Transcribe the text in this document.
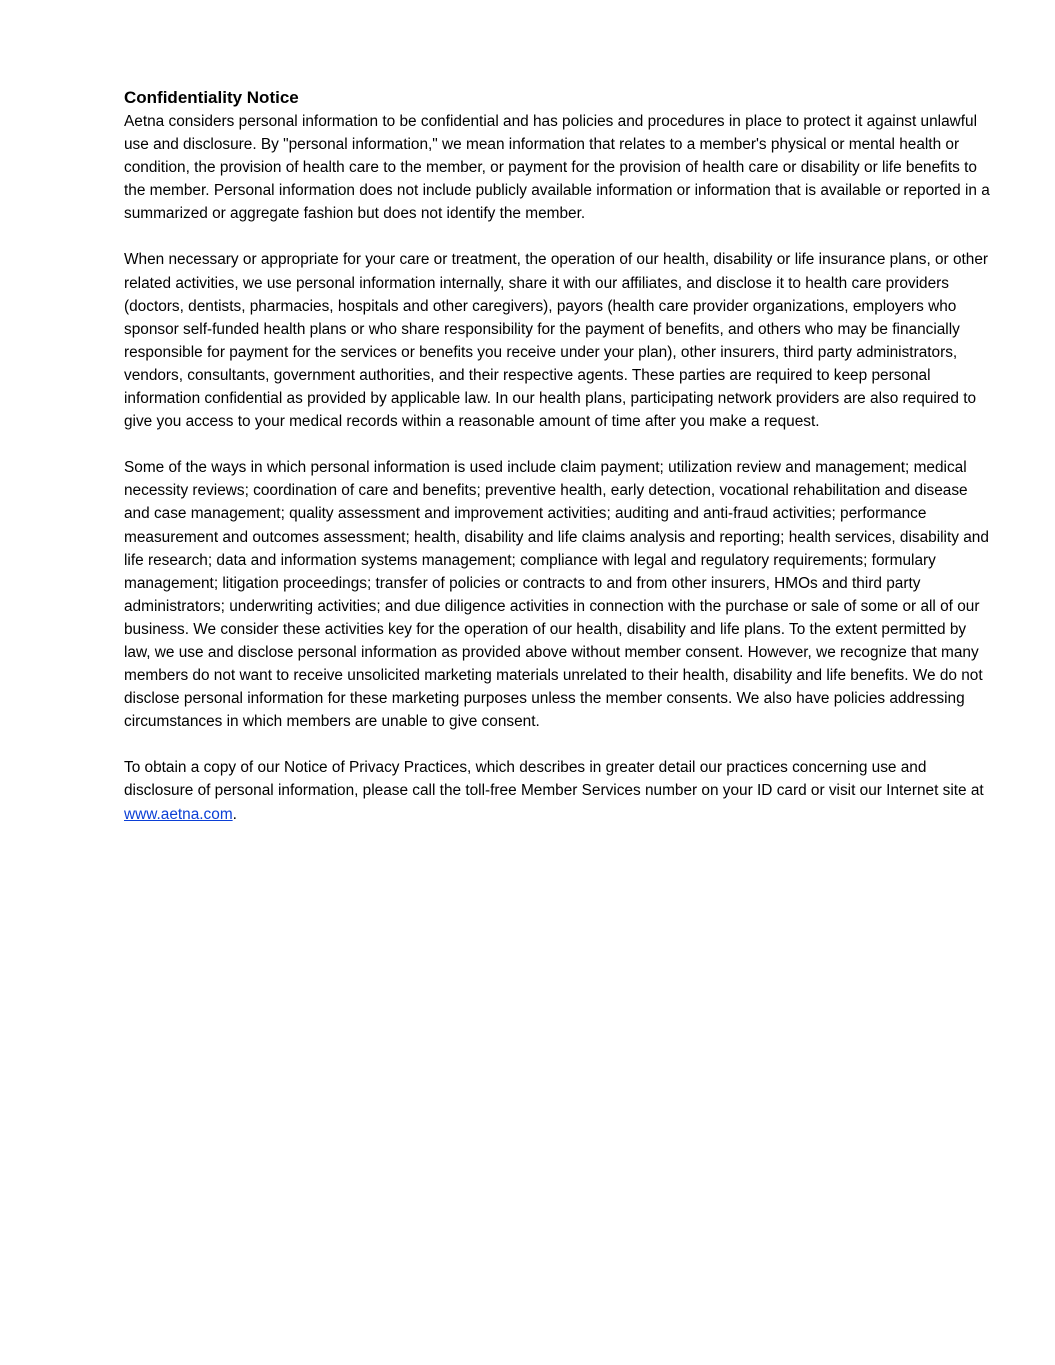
Confidentiality Notice

Aetna considers personal information to be confidential and has policies and procedures in place to protect it against unlawful use and disclosure. By "personal information," we mean information that relates to a member's physical or mental health or condition, the provision of health care to the member, or payment for the provision of health care or disability or life benefits to the member. Personal information does not include publicly available information or information that is available or reported in a summarized or aggregate fashion but does not identify the member.

When necessary or appropriate for your care or treatment, the operation of our health, disability or life insurance plans, or other related activities, we use personal information internally, share it with our affiliates, and disclose it to health care providers (doctors, dentists, pharmacies, hospitals and other caregivers), payors (health care provider organizations, employers who sponsor self-funded health plans or who share responsibility for the payment of benefits, and others who may be financially responsible for payment for the services or benefits you receive under your plan), other insurers, third party administrators, vendors, consultants, government authorities, and their respective agents. These parties are required to keep personal information confidential as provided by applicable law. In our health plans, participating network providers are also required to give you access to your medical records within a reasonable amount of time after you make a request.

Some of the ways in which personal information is used include claim payment; utilization review and management; medical necessity reviews; coordination of care and benefits; preventive health, early detection, vocational rehabilitation and disease and case management; quality assessment and improvement activities; auditing and anti-fraud activities; performance measurement and outcomes assessment; health, disability and life claims analysis and reporting; health services, disability and life research; data and information systems management; compliance with legal and regulatory requirements; formulary management; litigation proceedings; transfer of policies or contracts to and from other insurers, HMOs and third party administrators; underwriting activities; and due diligence activities in connection with the purchase or sale of some or all of our business. We consider these activities key for the operation of our health, disability and life plans. To the extent permitted by law, we use and disclose personal information as provided above without member consent. However, we recognize that many members do not want to receive unsolicited marketing materials unrelated to their health, disability and life benefits. We do not disclose personal information for these marketing purposes unless the member consents. We also have policies addressing circumstances in which members are unable to give consent.

To obtain a copy of our Notice of Privacy Practices, which describes in greater detail our practices concerning use and disclosure of personal information, please call the toll-free Member Services number on your ID card or visit our Internet site at www.aetna.com.
